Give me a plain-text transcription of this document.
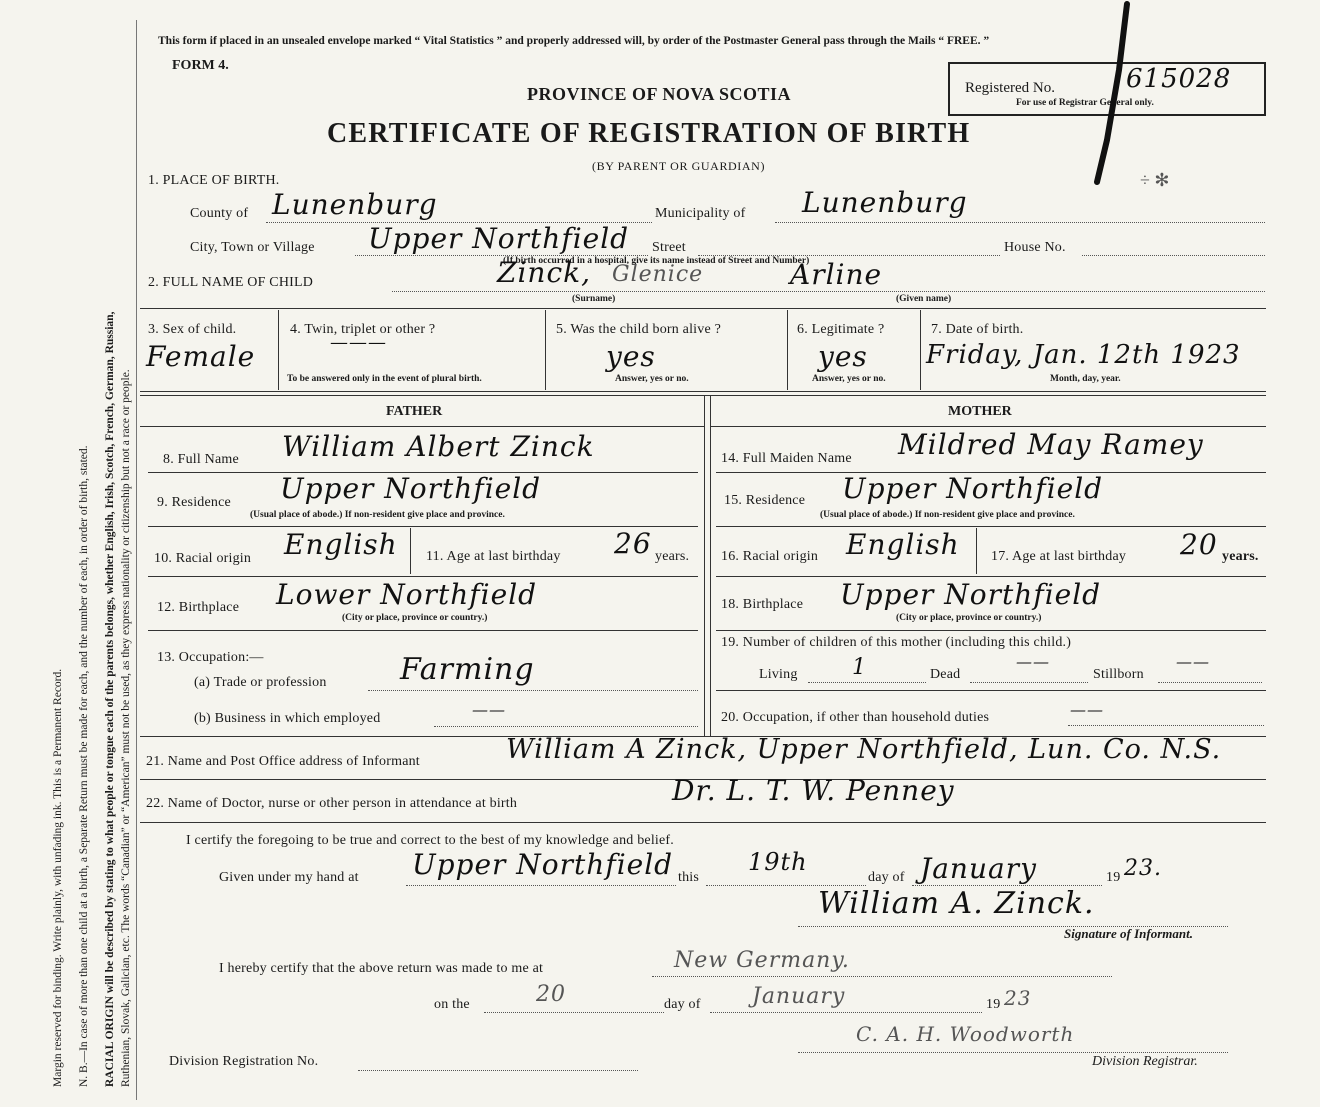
Margin reserved for binding. Write plainly, with unfading ink. This is a Permanent Record. N. B.—In case of more than one child at a birth, a Separate Return must be made for each, and the number of each, in order of birth, stated. RACIAL ORIGIN will be described by stating to what people or tongue each of the parents belongs, whether English, Irish, Scotch, French, German, Russian, Ruthenian, Slovak, Galician, etc. The words “Canadian” or “American” must not be used, as they express nationality or citizenship but not a race or people.
This form if placed in an unsealed envelope marked “ Vital Statistics ” and properly addressed will, by order of the Postmaster General pass through the Mails “ FREE. ”
FORM 4.
PROVINCE OF NOVA SCOTIA
CERTIFICATE OF REGISTRATION OF BIRTH
(BY PARENT OR GUARDIAN)
Registered No.	615028
For use of Registrar General only.
÷ ✻
1. PLACE OF BIRTH.
County of Lunenburg	Municipality of Lunenburg
City, Town or Village Upper Northfield Street	House No.
(If birth occurred in a hospital, give its name instead of Street and Number)
2. FULL NAME OF CHILD	Zinck, Glenice	Arline
(Surname)	(Given name)
3. Sex of child.
Female
4. Twin, triplet or other ?
———
To be answered only in the event of plural birth.
5. Was the child born alive ?
yes
Answer, yes or no.
6. Legitimate ?
yes
Answer, yes or no.
7. Date of birth.
Friday, Jan. 12th 1923
Month, day, year.
FATHER	MOTHER
8. Full Name William Albert Zinck
9. Residence Upper Northfield
(Usual place of abode.) If non-resident give place and province.
10. Racial origin English 11. Age at last birthday 26 years.
12. Birthplace Lower Northfield
(City or place, province or country.)
13. Occupation:—
(a) Trade or profession Farming
(b) Business in which employed	——
14. Full Maiden Name Mildred May Ramey
15. Residence Upper Northfield
(Usual place of abode.) If non-resident give place and province.
16. Racial origin English 17. Age at last birthday 20 years.
18. Birthplace Upper Northfield
(City or place, province or country.)
19. Number of children of this mother (including this child.)
Living 1	Dead
——
Stillborn
——
20. Occupation, if other than household duties	——
21. Name and Post Office address of Informant	William A Zinck, Upper Northfield, Lun. Co. N.S.
22. Name of Doctor, nurse or other person in attendance at birth	Dr. L. T. W. Penney
I certify the foregoing to be true and correct to the best of my knowledge and belief.
Given under my hand at Upper Northfield this
19th
day of January	19 23.
William A. Zinck.
Signature of Informant.
I hereby certify that the above return was made to me at	New Germany.
on the	20	day of January	19 23
Division Registration No.
C. A. H. Woodworth
Division Registrar.
